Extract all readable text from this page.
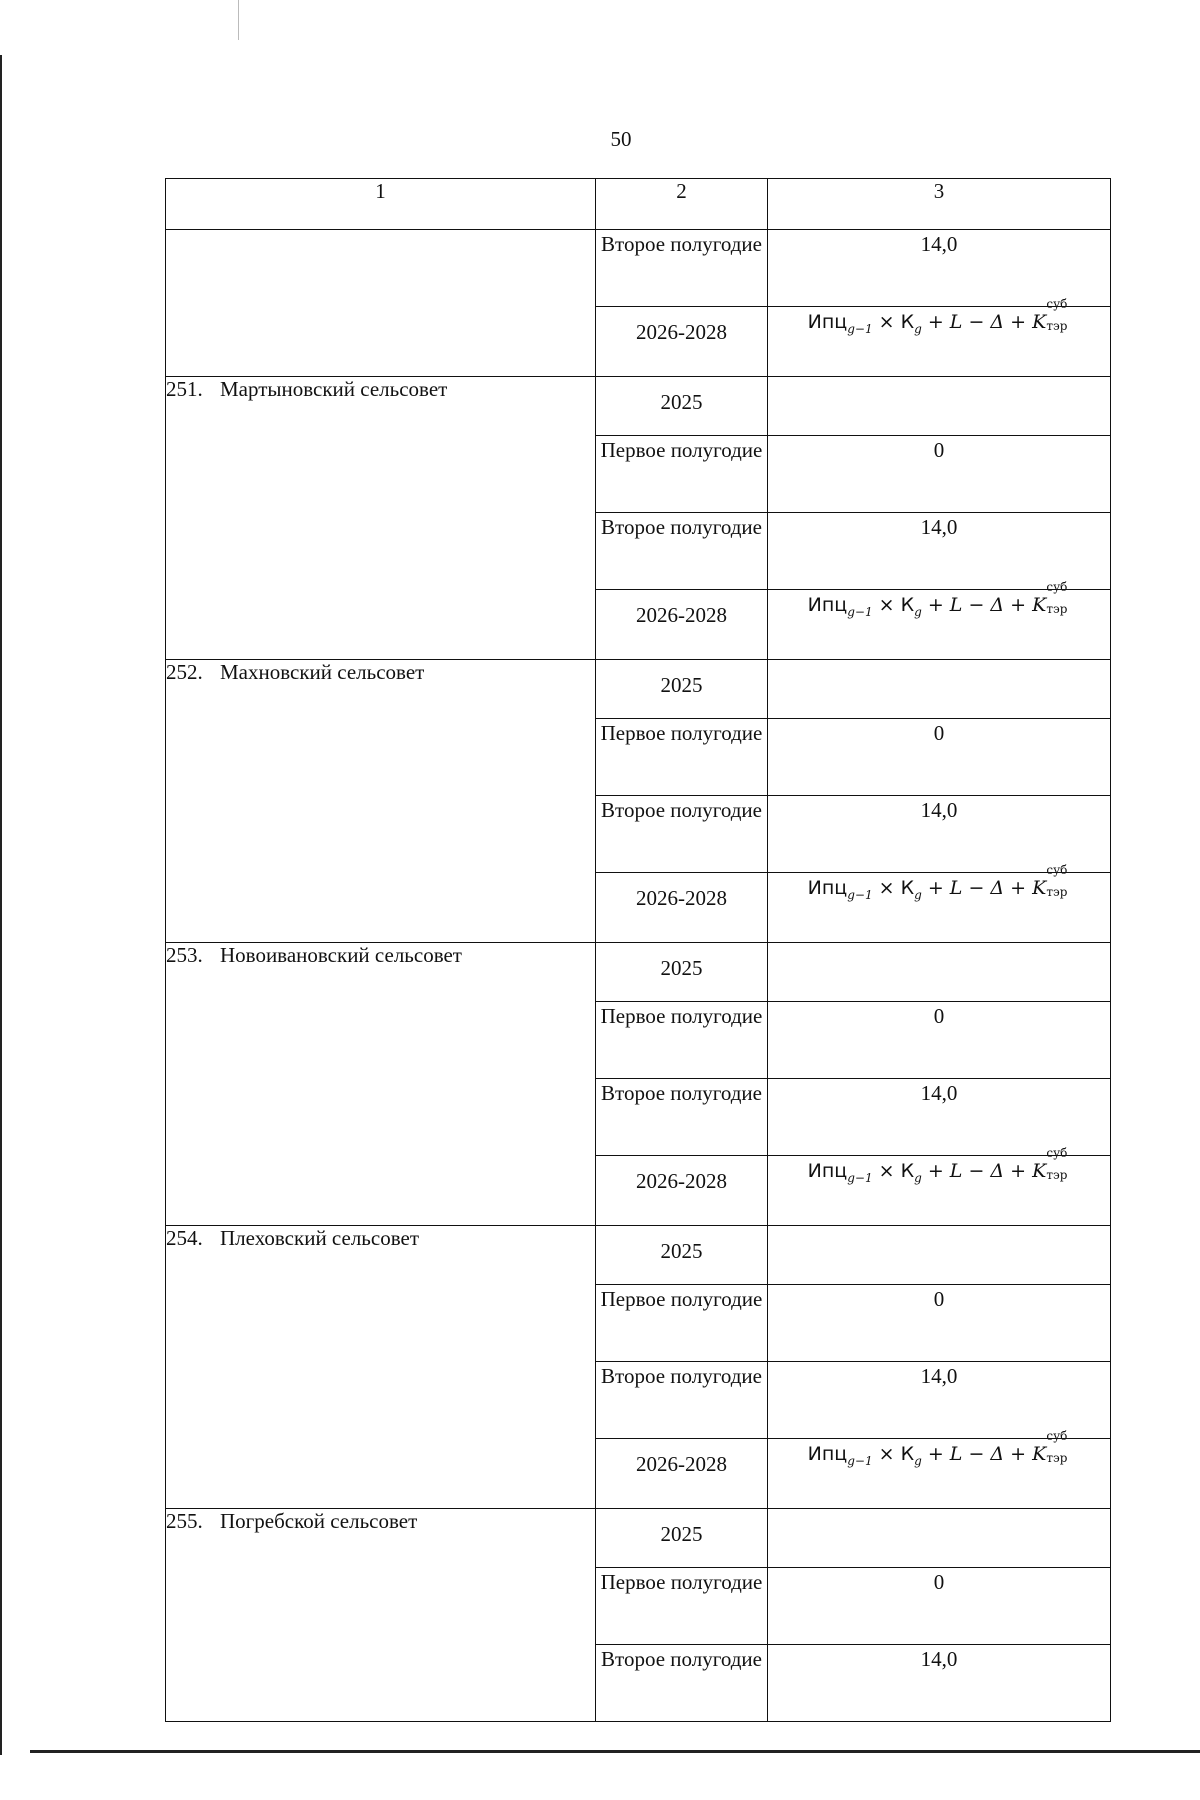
50
1	2	3
	Второе полугодие	14,0
	2026-2028	$Ипц_{g-1} \times К_g + L - \Delta + K$
суб
тэр

251. Мартыновский сельсовет	2025	
	Первое полугодие	0
	Второе полугодие	14,0
	2026-2028	$Ипц_{g-1} \times К_g + L - \Delta + K$
суб
тэр

252. Махновский сельсовет	2025	
	Первое полугодие	0
	Второе полугодие	14,0
	2026-2028	$Ипц_{g-1} \times К_g + L - \Delta + K$
суб
тэр

253. Новоивановский сельсовет	2025	
	Первое полугодие	0
	Второе полугодие	14,0
	2026-2028	$Ипц_{g-1} \times К_g + L - \Delta + K$
суб
тэр

254. Плеховский сельсовет	2025	
	Первое полугодие	0
	Второе полугодие	14,0
	2026-2028	$Ипц_{g-1} \times К_g + L - \Delta + K$
суб
тэр

255. Погребской сельсовет	2025	
	Первое полугодие	0
	Второе полугодие	14,0
